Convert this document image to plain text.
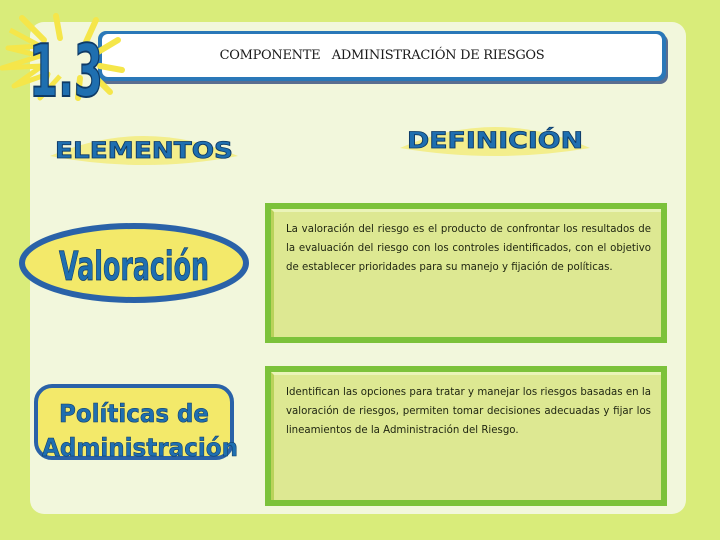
COMPONENTE   ADMINISTRACIÓN DE RIESGOS
1.3
ELEMENTOS	DEFINICIÓN
Valoración
Políticas de
Administración

La valoración del riesgo es el producto de confrontar los resultados de la evaluación del riesgo con los controles identificados, con el objetivo de establecer prioridades para su manejo y fijación de políticas.

Identifican las opciones para tratar y manejar los riesgos basadas en la valoración de riesgos, permiten tomar decisiones adecuadas y fijar los lineamientos de la Administración del Riesgo.
